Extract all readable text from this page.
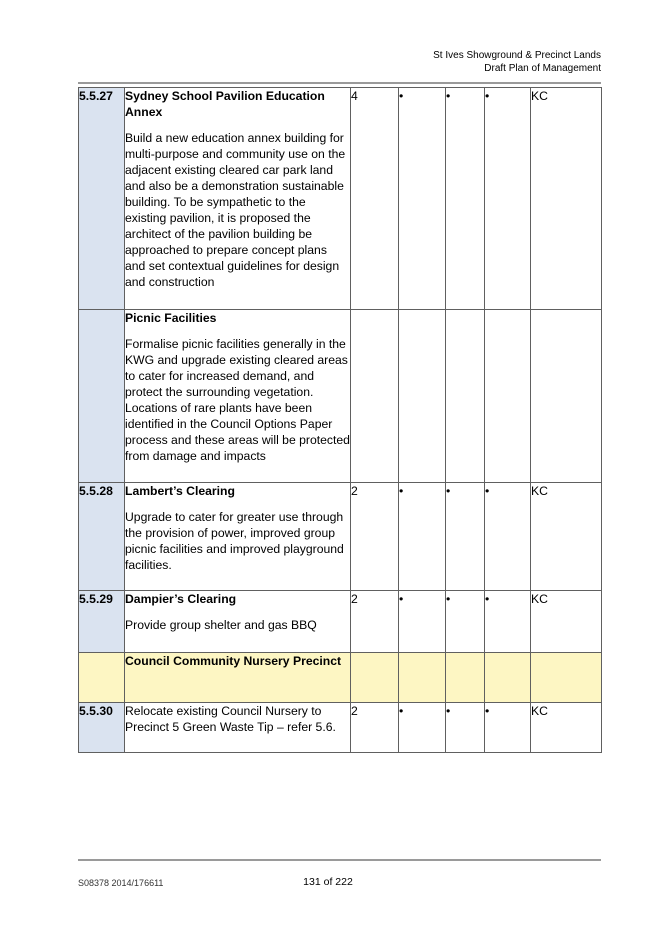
St Ives Showground & Precinct Lands
Draft Plan of Management
5.5.27	Sydney School Pavilion Education Annex
Build a new education annex building for multi-purpose and community use on the adjacent existing cleared car park land and also be a demonstration sustainable building. To be sympathetic to the existing pavilion, it is proposed the architect of the pavilion building be approached to prepare concept plans and set contextual guidelines for design and construction	4	•	•	•	KC

	Picnic Facilities
Formalise picnic facilities generally in the KWG and upgrade existing cleared areas to cater for increased demand, and protect the surrounding vegetation. Locations of rare plants have been identified in the Council Options Paper process and these areas will be protected from damage and impacts					

5.5.28	Lambert’s Clearing
Upgrade to cater for greater use through the provision of power, improved group picnic facilities and improved playground facilities.	2	•	•	•	KC
5.5.29	Dampier’s Clearing
Provide group shelter and gas BBQ	2	•	•	•	KC

	Council Community Nursery Precinct					

5.5.30	Relocate existing Council Nursery to Precinct 5 Green Waste Tip – refer 5.6.	2	•	•	•	KC
S08378 2014/176611	131 of 222
